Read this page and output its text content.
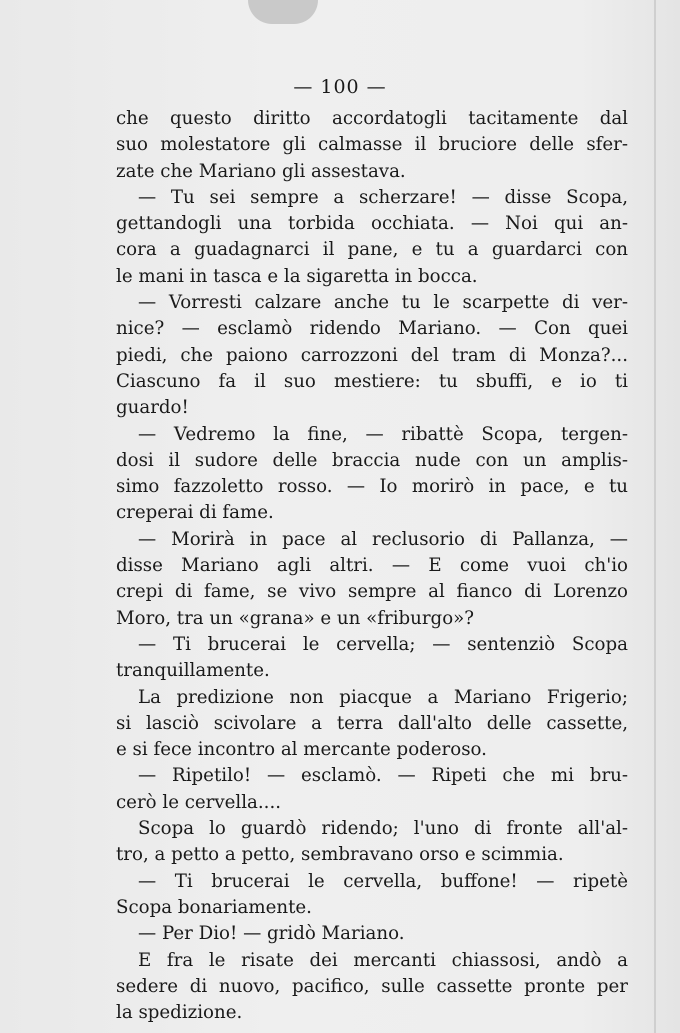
— 100 —
che questo diritto accordatogli tacitamente dal
suo molestatore gli calmasse il bruciore delle sfer-
zate che Mariano gli assestava.
— Tu sei sempre a scherzare! — disse Scopa,
gettandogli una torbida occhiata. — Noi qui an-
cora a guadagnarci il pane, e tu a guardarci con
le mani in tasca e la sigaretta in bocca.
— Vorresti calzare anche tu le scarpette di ver-
nice? — esclamò ridendo Mariano. — Con quei
piedi, che paiono carrozzoni del tram di Monza?...
Ciascuno fa il suo mestiere: tu sbuffi, e io ti
guardo!
— Vedremo la fine, — ribattè Scopa, tergen-
dosi il sudore delle braccia nude con un amplis-
simo fazzoletto rosso. — Io morirò in pace, e tu
creperai di fame.
— Morirà in pace al reclusorio di Pallanza, —
disse Mariano agli altri. — E come vuoi ch'io
crepi di fame, se vivo sempre al fianco di Lorenzo
Moro, tra un «grana» e un «friburgo»?
— Ti brucerai le cervella; — sentenziò Scopa
tranquillamente.
La predizione non piacque a Mariano Frigerio;
si lasciò scivolare a terra dall'alto delle cassette,
e si fece incontro al mercante poderoso.
— Ripetilo! — esclamò. — Ripeti che mi bru-
cerò le cervella....
Scopa lo guardò ridendo; l'uno di fronte all'al-
tro, a petto a petto, sembravano orso e scimmia.
— Ti brucerai le cervella, buffone! — ripetè
Scopa bonariamente.
— Per Dio! — gridò Mariano.
E fra le risate dei mercanti chiassosi, andò a
sedere di nuovo, pacifico, sulle cassette pronte per
la spedizione.
